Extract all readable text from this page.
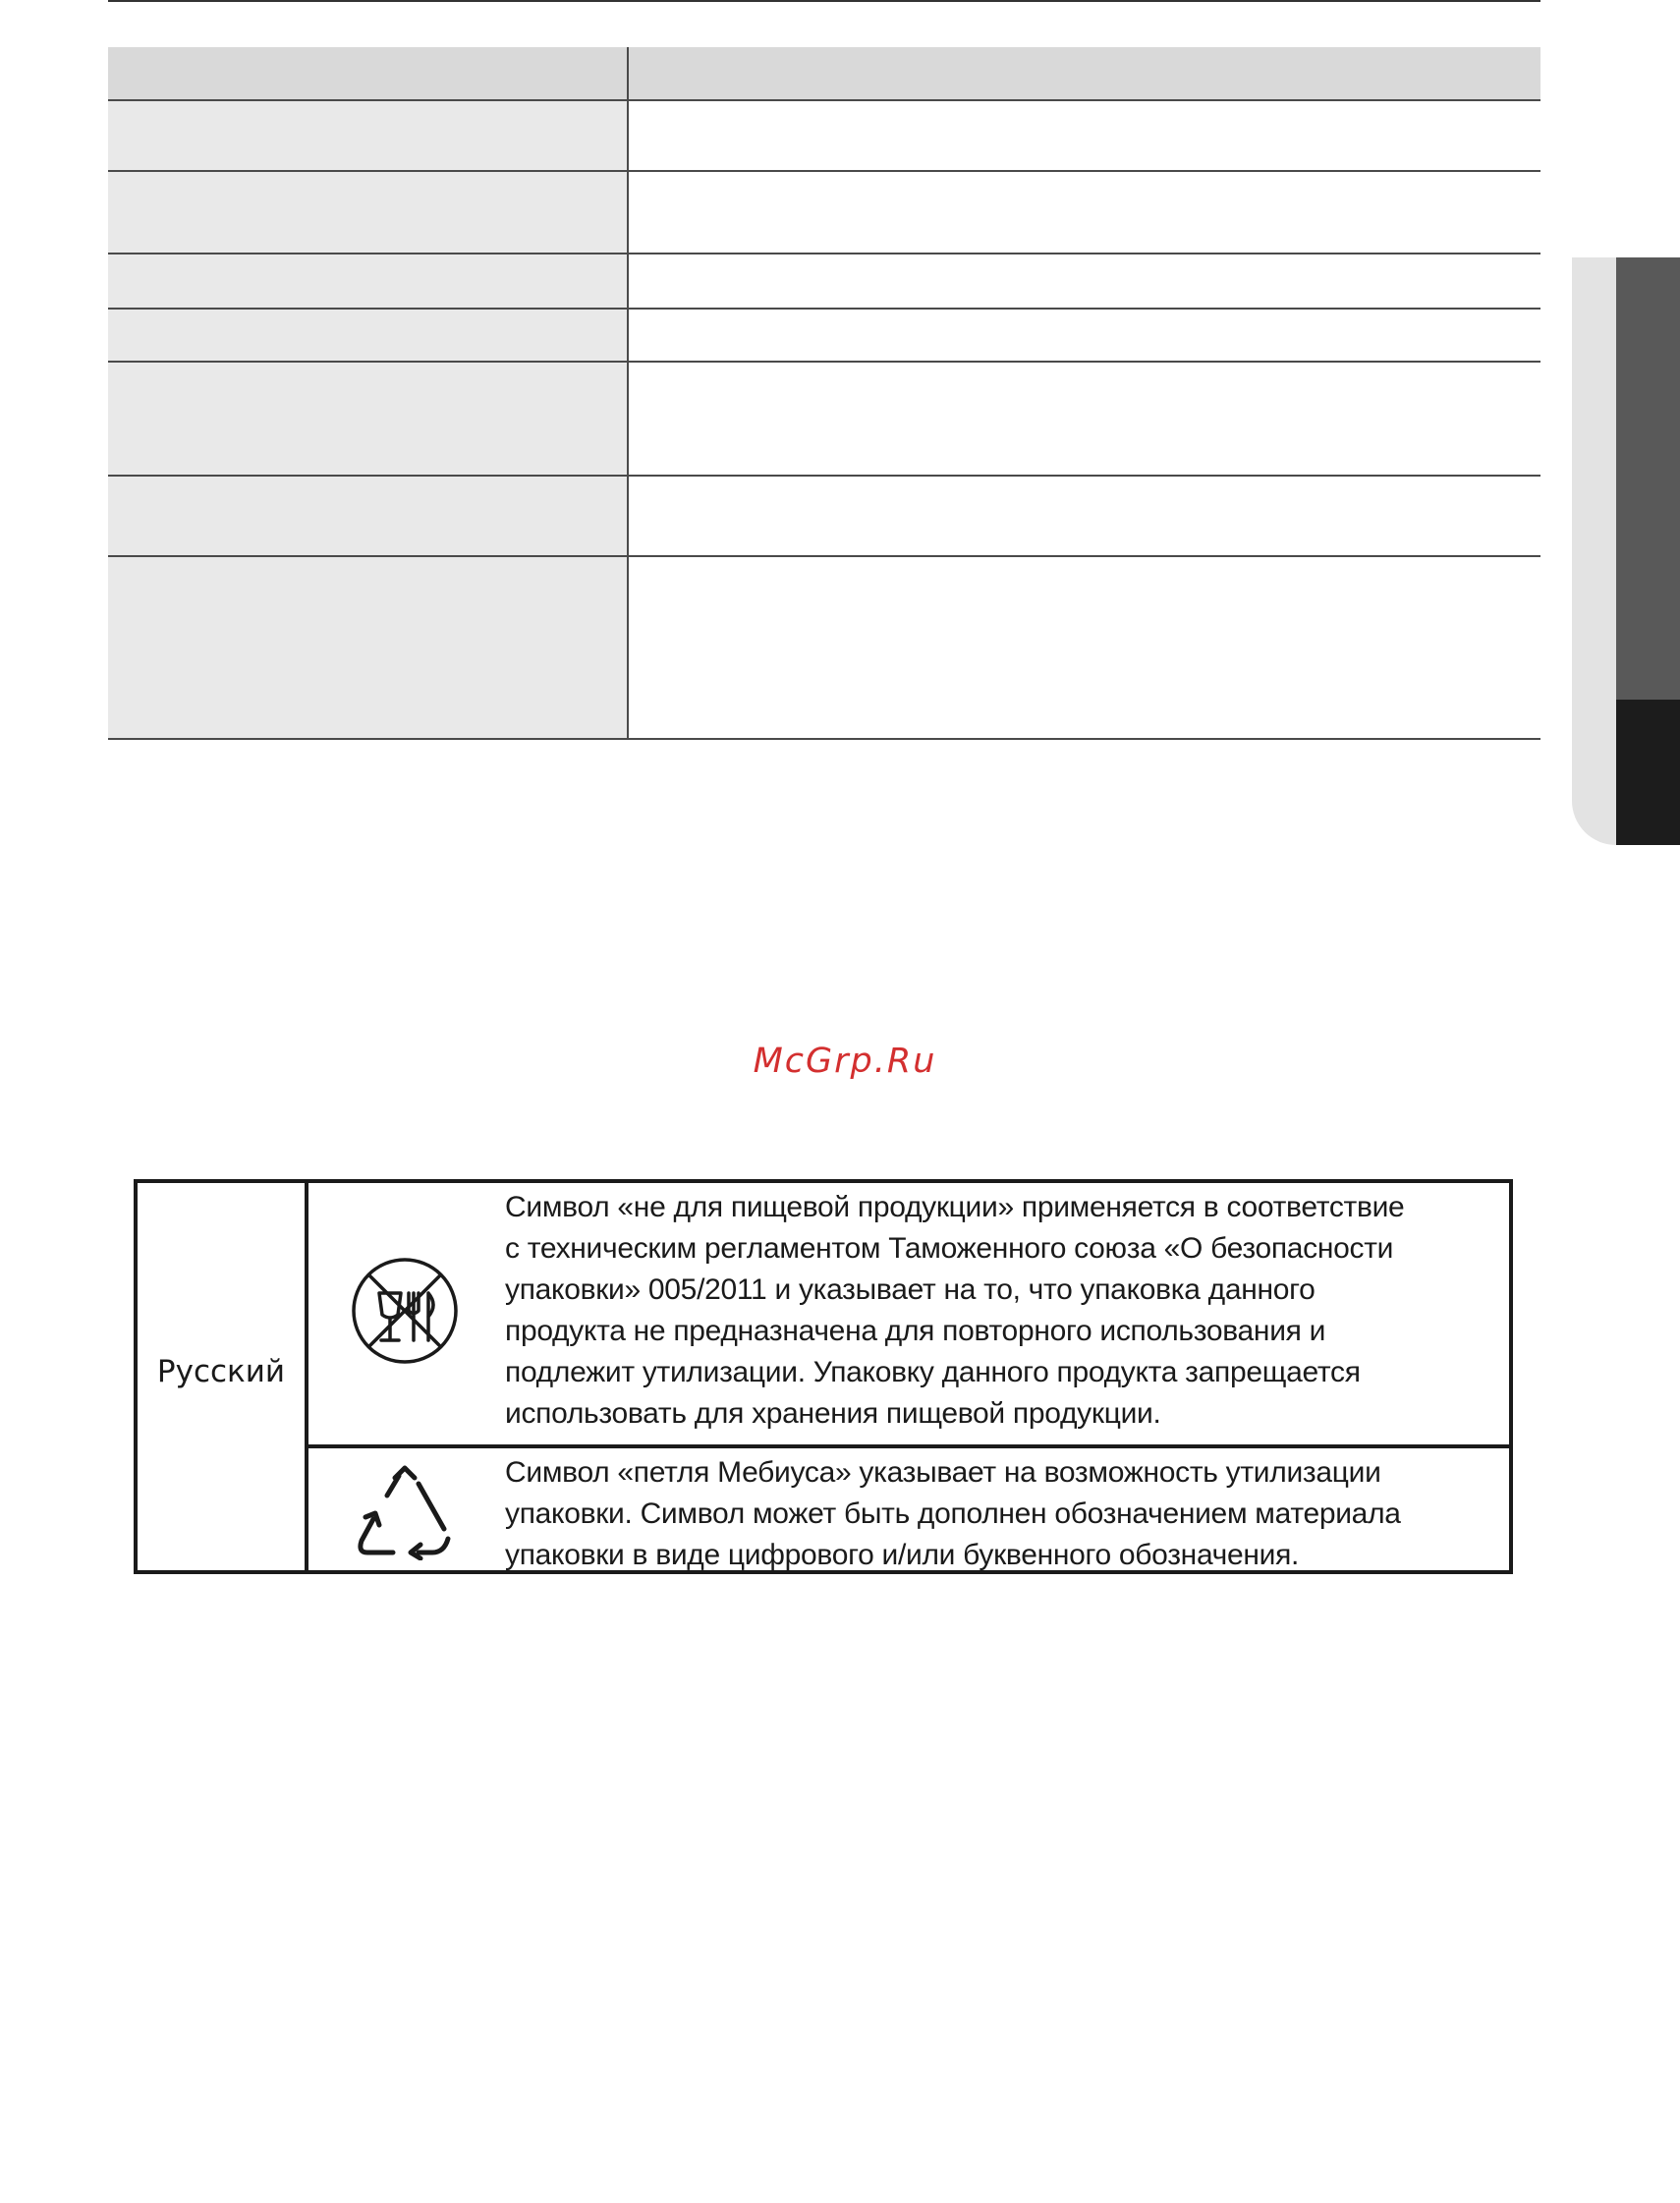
McGrp.Ru
Русский
Символ «не для пищевой продукции» применяется в соответствие
с техническим регламентом Таможенного союза «О безопасности
упаковки» 005/2011 и указывает на то, что упаковка данного
продукта не предназначена для повторного использования и
подлежит утилизации. Упаковку данного продукта запрещается
использовать для хранения пищевой продукции.
Символ «петля Мебиуса» указывает на возможность утилизации
упаковки. Символ может быть дополнен обозначением материала
упаковки в виде цифрового и/или буквенного обозначения.
